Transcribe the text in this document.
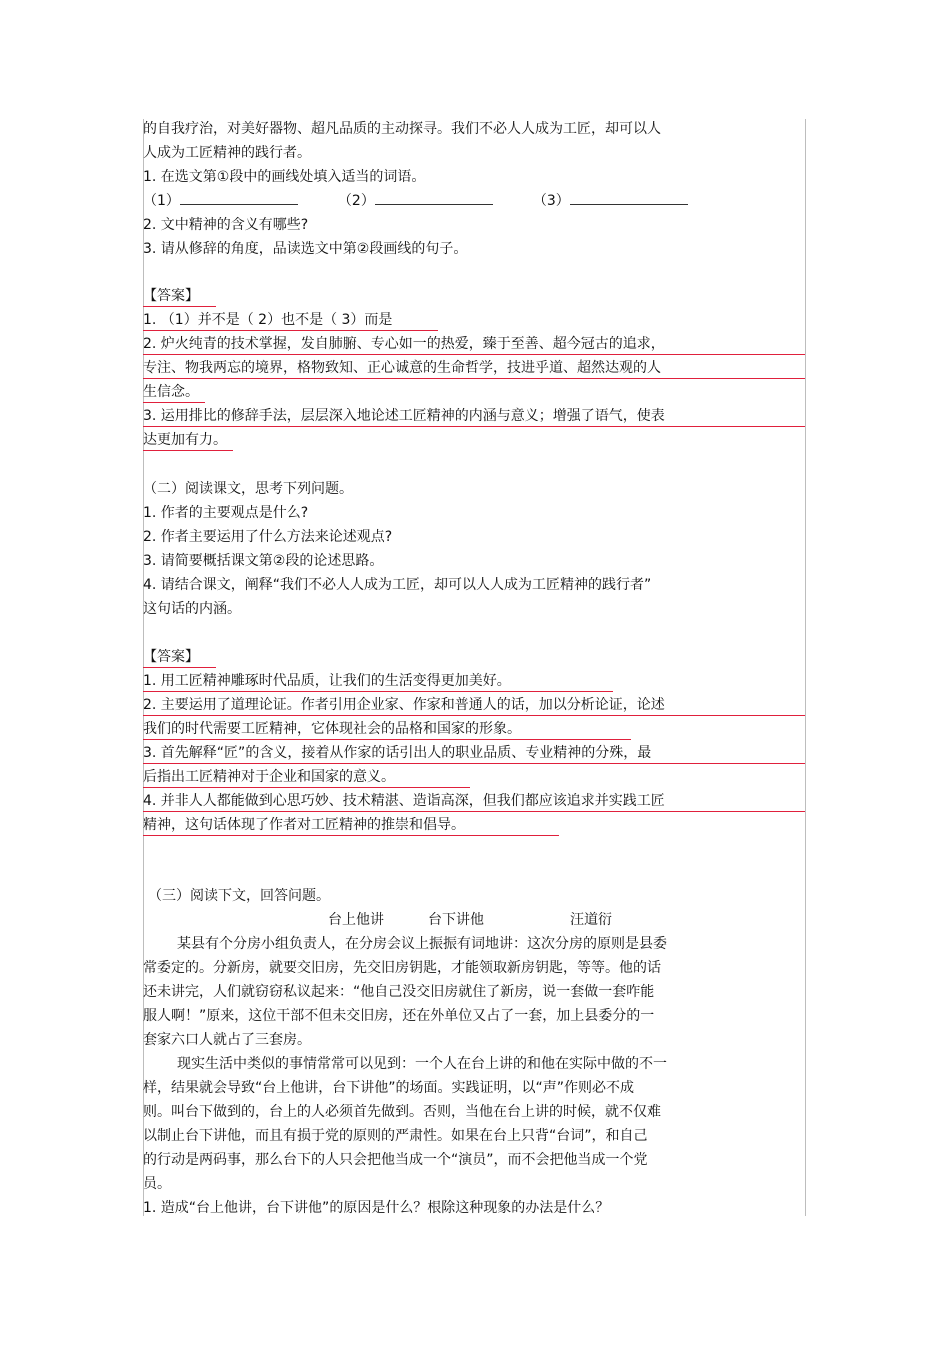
的自我疗治，对美好器物、超凡品质的主动探寻。我们不必人人成为工匠，却可以人
人成为工匠精神的践行者。
1. 在选文第①段中的画线处填入适当的词语。
（1）	（2）	（3）
2. 文中精神的含义有哪些?
3. 请从修辞的角度，品读选文中第②段画线的句子。
【答案】
1. （1）并不是（ 2）也不是（ 3）而是
2. 炉火纯青的技术掌握，发自肺腑、专心如一的热爱，臻于至善、超今冠古的追求，
专注、物我两忘的境界，格物致知、正心诚意的生命哲学，技进乎道、超然达观的人
生信念。
3. 运用排比的修辞手法，层层深入地论述工匠精神的内涵与意义；增强了语气，使表
达更加有力。
（二）阅读课文，思考下列问题。
1. 作者的主要观点是什么?
2. 作者主要运用了什么方法来论述观点?
3. 请简要概括课文第②段的论述思路。
4. 请结合课文，阐释“我们不必人人成为工匠，却可以人人成为工匠精神的践行者”
这句话的内涵。
【答案】
1. 用工匠精神雕琢时代品质，让我们的生活变得更加美好。
2. 主要运用了道理论证。作者引用企业家、作家和普通人的话，加以分析论证，论述
我们的时代需要工匠精神，它体现社会的品格和国家的形象。
3. 首先解释“匠”的含义，接着从作家的话引出人的职业品质、专业精神的分殊，最
后指出工匠精神对于企业和国家的意义。
4. 并非人人都能做到心思巧妙、技术精湛、造诣高深，但我们都应该追求并实践工匠
精神，这句话体现了作者对工匠精神的推崇和倡导。
（三）阅读下文，回答问题。
台上他讲	台下讲他	汪道衍
某县有个分房小组负责人，在分房会议上振振有词地讲：这次分房的原则是县委
常委定的。分新房，就要交旧房，先交旧房钥匙，才能领取新房钥匙，等等。他的话
还未讲完，人们就窃窃私议起来：“他自己没交旧房就住了新房，说一套做一套咋能
服人啊！”原来，这位干部不但未交旧房，还在外单位又占了一套，加上县委分的一
套家六口人就占了三套房。
现实生活中类似的事情常常可以见到：一个人在台上讲的和他在实际中做的不一
样，结果就会导致“台上他讲，台下讲他”的场面。实践证明，以“声”作则必不成
则。叫台下做到的，台上的人必须首先做到。否则，当他在台上讲的时候，就不仅难
以制止台下讲他，而且有损于党的原则的严肃性。如果在台上只背“台词”，和自己
的行动是两码事，那么台下的人只会把他当成一个“演员”，而不会把他当成一个党
员。
1. 造成“台上他讲，台下讲他”的原因是什么？根除这种现象的办法是什么？
